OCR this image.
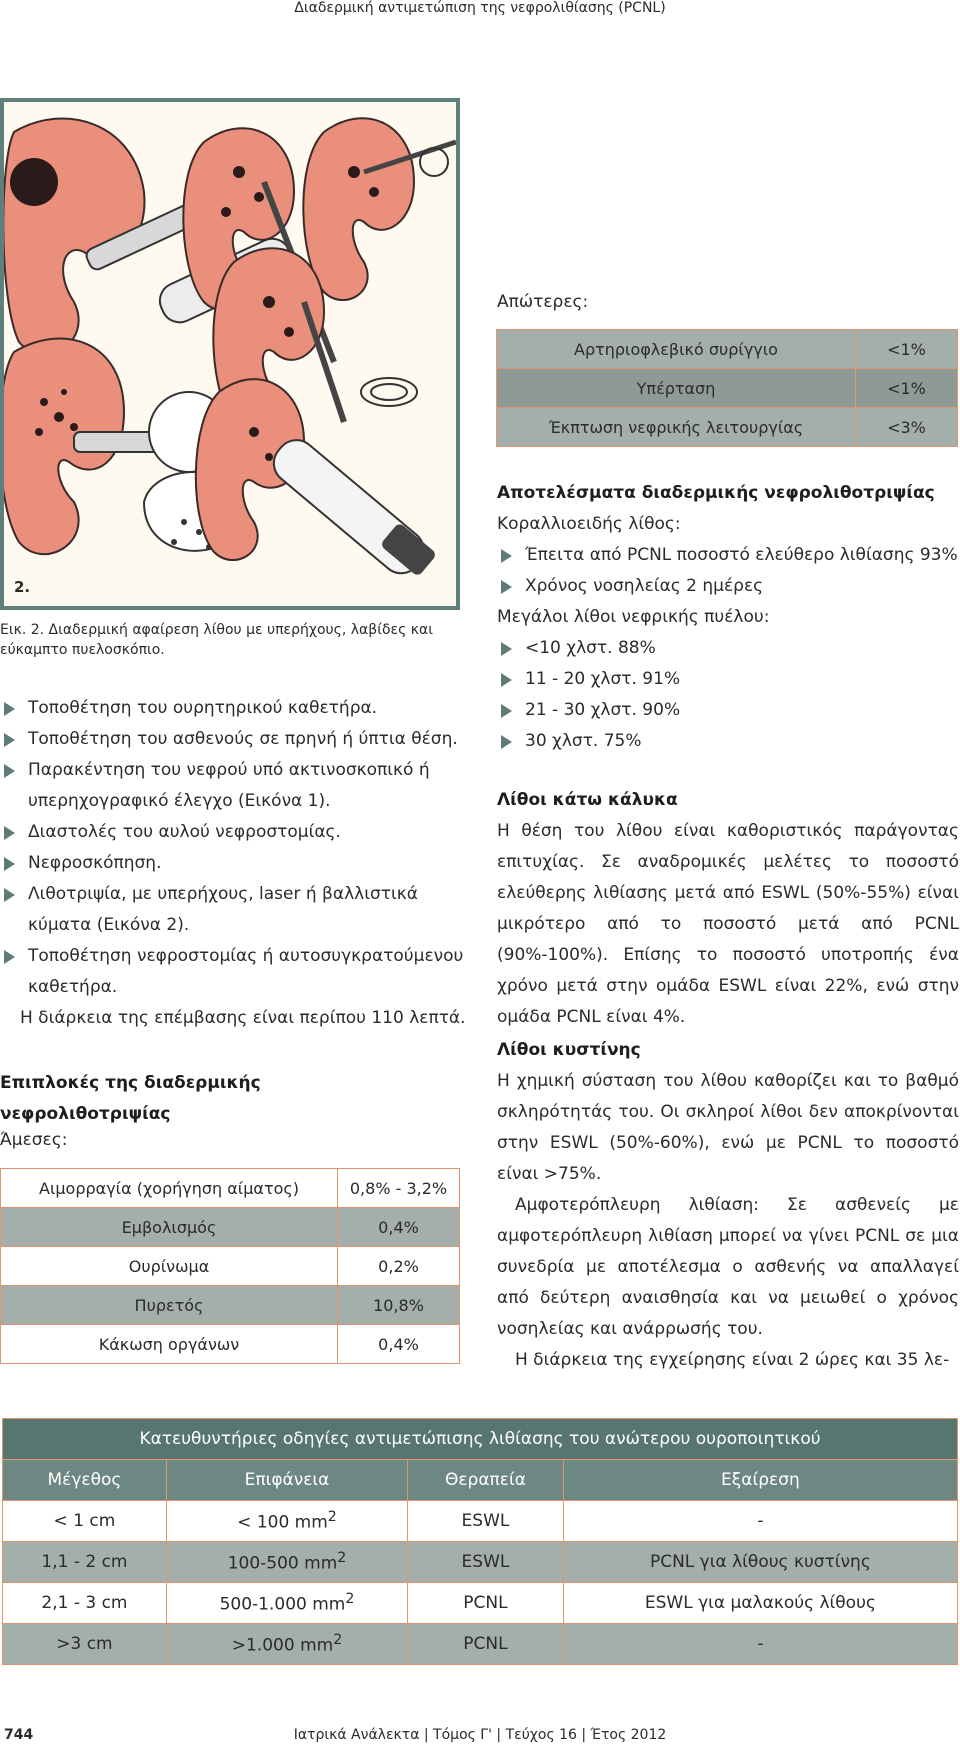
Διαδερμική αντιμετώπιση της νεφρολιθίασης (PCNL)
2.
Εικ. 2. Διαδερμική αφαίρεση λίθου με υπερήχους, λαβίδες και εύκαμπτο πυελοσκόπιο.
Τοποθέτηση του ουρητηρικού καθετήρα.
Τοποθέτηση του ασθενούς σε πρηνή ή ύπτια θέση.
Παρακέντηση του νεφρού υπό ακτινοσκοπικό ή υπερηχογραφικό έλεγχο (Εικόνα 1).
Διαστολές του αυλού νεφροστομίας.
Νεφροσκόπηση.
Λιθοτριψία, με υπερήχους, laser ή βαλλιστικά κύματα (Εικόνα 2).
Τοποθέτηση νεφροστομίας ή αυτοσυγκρατούμενου καθετήρα.
Η διάρκεια της επέμβασης είναι περίπου 110 λεπτά.
Επιπλοκές της διαδερμικής
νεφρολιθοτριψίας
Άμεσες:
Αιμορραγία (χορήγηση αίματος)	0,8% - 3,2%
Εμβολισμός	0,4%
Ουρίνωμα	0,2%
Πυρετός	10,8%
Κάκωση οργάνων	0,4%
Απώτερες:
Αρτηριοφλεβικό συρίγγιο	<1%
Υπέρταση	<1%
Έκπτωση νεφρικής λειτουργίας	<3%
Αποτελέσματα διαδερμικής νεφρολιθοτριψίας
Κοραλλιοειδής λίθος:
Έπειτα από PCNL ποσοστό ελεύθερο λιθίασης 93%
Χρόνος νοσηλείας 2 ημέρες
Μεγάλοι λίθοι νεφρικής πυέλου:
<10 χλστ. 88%
11 - 20 χλστ. 91%
21 - 30 χλστ. 90%
30 χλστ. 75%
Λίθοι κάτω κάλυκα

Η θέση του λίθου είναι καθοριστικός παράγοντας επιτυχίας. Σε αναδρομικές μελέτες το ποσοστό ελεύθερης λιθίασης μετά από ESWL (50%-55%) είναι μικρότερο από το ποσοστό μετά από PCNL (90%-100%). Επίσης το ποσοστό υποτροπής ένα χρόνο μετά στην ομάδα ESWL είναι 22%, ενώ στην ομάδα PCNL είναι 4%.

Λίθοι κυστίνης

Η χημική σύσταση του λίθου καθορίζει και το βαθμό σκληρότητάς του. Οι σκληροί λίθοι δεν αποκρίνονται στην ESWL (50%-60%), ενώ με PCNL το ποσοστό είναι >75%.

Αμφοτερόπλευρη λιθίαση: Σε ασθενείς με αμφοτερόπλευρη λιθίαση μπορεί να γίνει PCNL σε μια συνεδρία με αποτέλεσμα ο ασθενής να απαλλαγεί από δεύτερη αναισθησία και να μειωθεί ο χρόνος νοσηλείας και ανάρρωσής του.

Η διάρκεια της εγχείρησης είναι 2 ώρες και 35 λε-

Κατευθυντήριες οδηγίες αντιμετώπισης λιθίασης του ανώτερου ουροποιητικού			
Μέγεθος	Επιφάνεια	Θεραπεία	Εξαίρεση
< 1 cm	< 100 $mm^2$	ESWL	-
1,1 - 2 cm	100-500 $mm^2$	ESWL	PCNL για λίθους κυστίνης
2,1 - 3 cm	500-1.000 $mm^2$	PCNL	ESWL για μαλακούς λίθους
>3 cm	>1.000 $mm^2$	PCNL	-
Ιατρικά Ανάλεκτα | Τόμος Γ' | Τεύχος 16 | Έτος 2012
744
